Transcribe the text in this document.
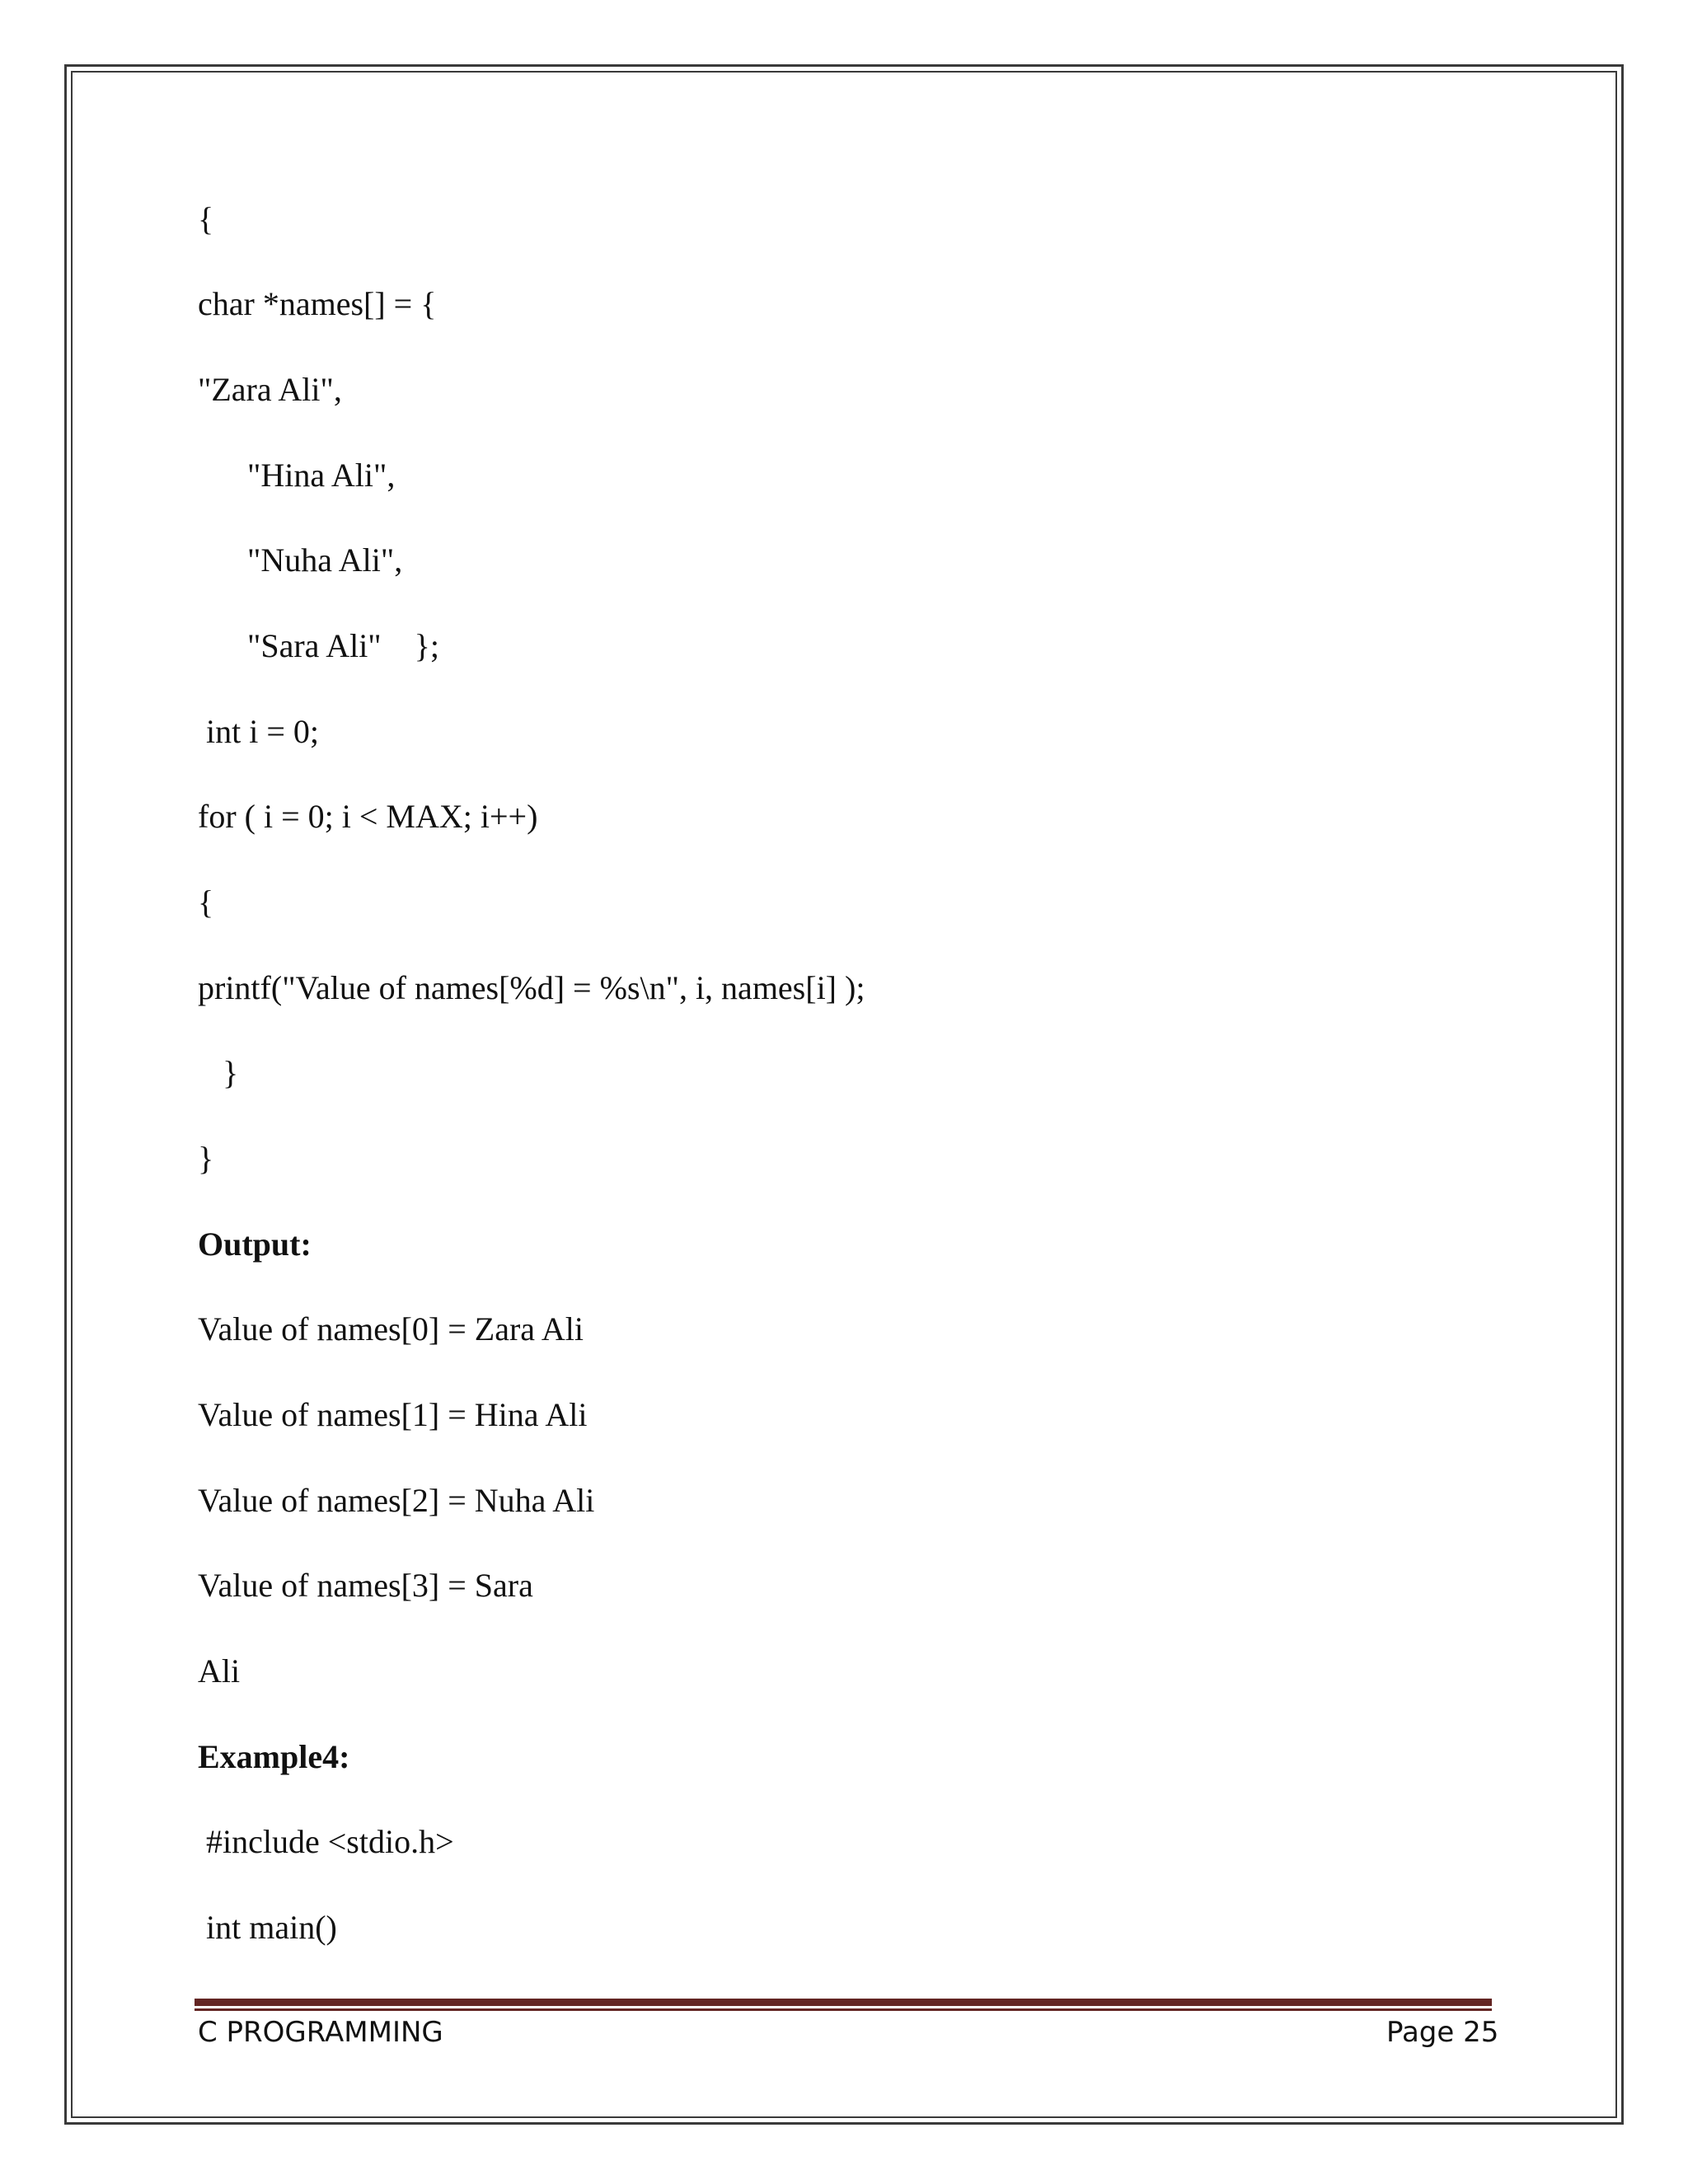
{
char *names[] = {
"Zara Ali",
"Hina Ali",
"Nuha Ali",
"Sara Ali"    };
int i = 0;
for ( i = 0; i < MAX; i++)
{
printf("Value of names[%d] = %s\n", i, names[i] );
}
}
Output:
Value of names[0] = Zara Ali
Value of names[1] = Hina Ali
Value of names[2] = Nuha Ali
Value of names[3] = Sara
Ali
Example4:
#include <stdio.h>
int main()
C PROGRAMMING	Page 25
